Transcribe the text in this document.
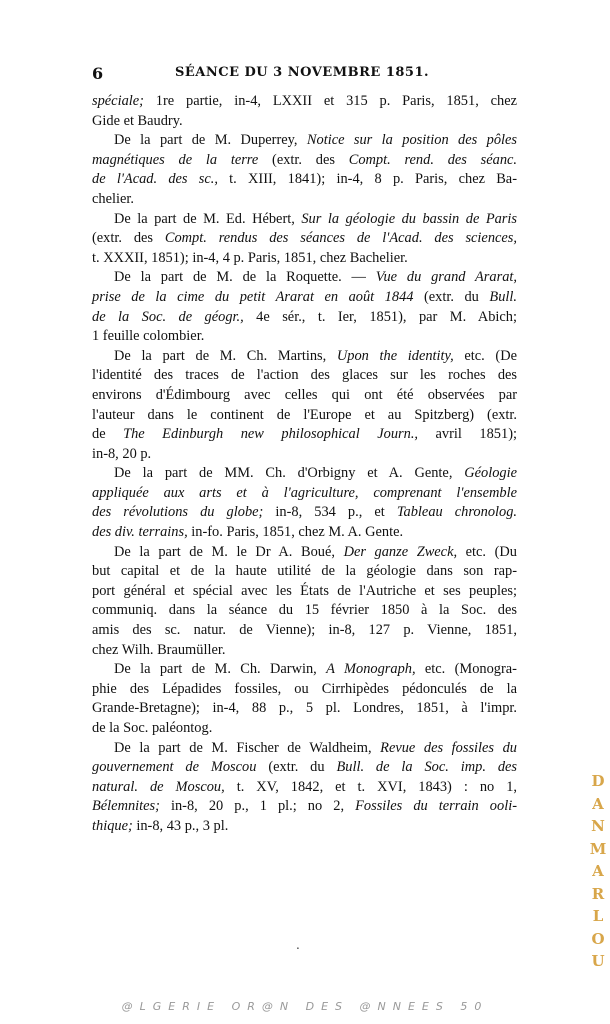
6	SÉANCE DU 3 NOVEMBRE 1851.
spéciale; 1re partie, in-4, LXXII et 315 p. Paris, 1851, chez
Gide et Baudry.
De la part de M. Duperrey, Notice sur la position des pôles
magnétiques de la terre (extr. des Compt. rend. des séanc.
de l'Acad. des sc., t. XIII, 1841); in-4, 8 p. Paris, chez Ba-
chelier.
De la part de M. Ed. Hébert, Sur la géologie du bassin de Paris
(extr. des Compt. rendus des séances de l'Acad. des sciences,
t. XXXII, 1851); in-4, 4 p. Paris, 1851, chez Bachelier.
De la part de M. de la Roquette. — Vue du grand Ararat,
prise de la cime du petit Ararat en août 1844 (extr. du Bull.
de la Soc. de géogr., 4e sér., t. Ier, 1851), par M. Abich;
1 feuille colombier.
De la part de M. Ch. Martins, Upon the identity, etc. (De
l'identité des traces de l'action des glaces sur les roches des
environs d'Édimbourg avec celles qui ont été observées par
l'auteur dans le continent de l'Europe et au Spitzberg) (extr.
de The Edinburgh new philosophical Journ., avril 1851);
in-8, 20 p.
De la part de MM. Ch. d'Orbigny et A. Gente, Géologie
appliquée aux arts et à l'agriculture, comprenant l'ensemble
des révolutions du globe; in-8, 534 p., et Tableau chronolog.
des div. terrains, in-fo. Paris, 1851, chez M. A. Gente.
De la part de M. le Dr A. Boué, Der ganze Zweck, etc. (Du
but capital et de la haute utilité de la géologie dans son rap-
port général et spécial avec les États de l'Autriche et ses peuples;
communiq. dans la séance du 15 février 1850 à la Soc. des
amis des sc. natur. de Vienne); in-8, 127 p. Vienne, 1851,
chez Wilh. Braumüller.
De la part de M. Ch. Darwin, A Monograph, etc. (Monogra-
phie des Lépadides fossiles, ou Cirrhipèdes pédonculés de la
Grande-Bretagne); in-4, 88 p., 5 pl. Londres, 1851, à l'impr.
de la Soc. paléontog.
De la part de M. Fischer de Waldheim, Revue des fossiles du
gouvernement de Moscou (extr. du Bull. de la Soc. imp. des
natural. de Moscou, t. XV, 1842, et t. XVI, 1843) : no 1,
Bélemnites; in-8, 20 p., 1 pl.; no 2, Fossiles du terrain ooli-
thique; in-8, 43 p., 3 pl.
.
D
A
N
M
A
R
L
O
U
@LGERIE OR@N DES @NNEES 50
